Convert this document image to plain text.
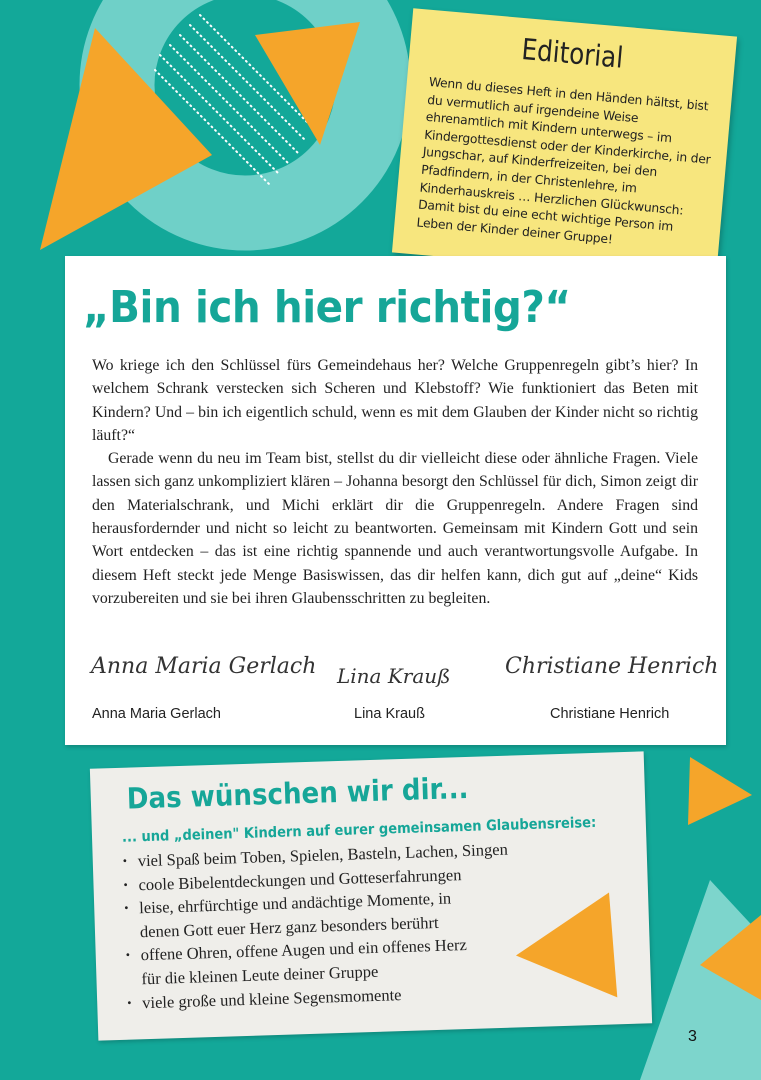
Editorial
Wenn du dieses Heft in den Händen hältst, bist du vermutlich auf irgendeine Weise ehrenamtlich mit Kindern unterwegs – im Kindergottesdienst oder der Kinderkirche, in der Jungschar, auf Kinderfreizeiten, bei den Pfadfindern, in der Christenlehre, im Kinderhauskreis … Herzlichen Glückwunsch: Damit bist du eine echt wichtige Person im Leben der Kinder deiner Gruppe!
„Bin ich hier richtig?“

Wo kriege ich den Schlüssel fürs Gemeindehaus her? Welche Gruppenregeln gibt’s hier? In welchem Schrank verstecken sich Scheren und Klebstoff? Wie funktioniert das Beten mit Kindern? Und – bin ich eigentlich schuld, wenn es mit dem Glauben der Kinder nicht so richtig läuft?“

Gerade wenn du neu im Team bist, stellst du dir vielleicht diese oder ähnliche Fragen. Viele lassen sich ganz unkompliziert klären – Johanna besorgt den Schlüssel für dich, Simon zeigt dir den Materialschrank, und Michi erklärt dir die Gruppenregeln. Andere Fragen sind herausfordernder und nicht so leicht zu beantworten. Gemeinsam mit Kindern Gott und sein Wort entdecken – das ist eine richtig spannende und auch verantwortungsvolle Aufgabe. In diesem Heft steckt jede Menge Basiswissen, das dir helfen kann, dich gut auf „deine“ Kids vorzubereiten und sie bei ihren Glaubensschritten zu begleiten.

Anna Maria Gerlach Lina Krauß Christiane Henrich
Anna Maria Gerlach	Lina Krauß	Christiane Henrich
Das wünschen wir dir...
... und „deinen" Kindern auf eurer gemeinsamen Glaubensreise:
• viel Spaß beim Toben, Spielen, Basteln, Lachen, Singen
• coole Bibelentdeckungen und Gotteserfahrungen
• leise, ehrfürchtige und andächtige Momente, in denen Gott euer Herz ganz besonders berührt
• offene Ohren, offene Augen und ein offenes Herz für die kleinen Leute deiner Gruppe
• viele große und kleine Segensmomente
3
